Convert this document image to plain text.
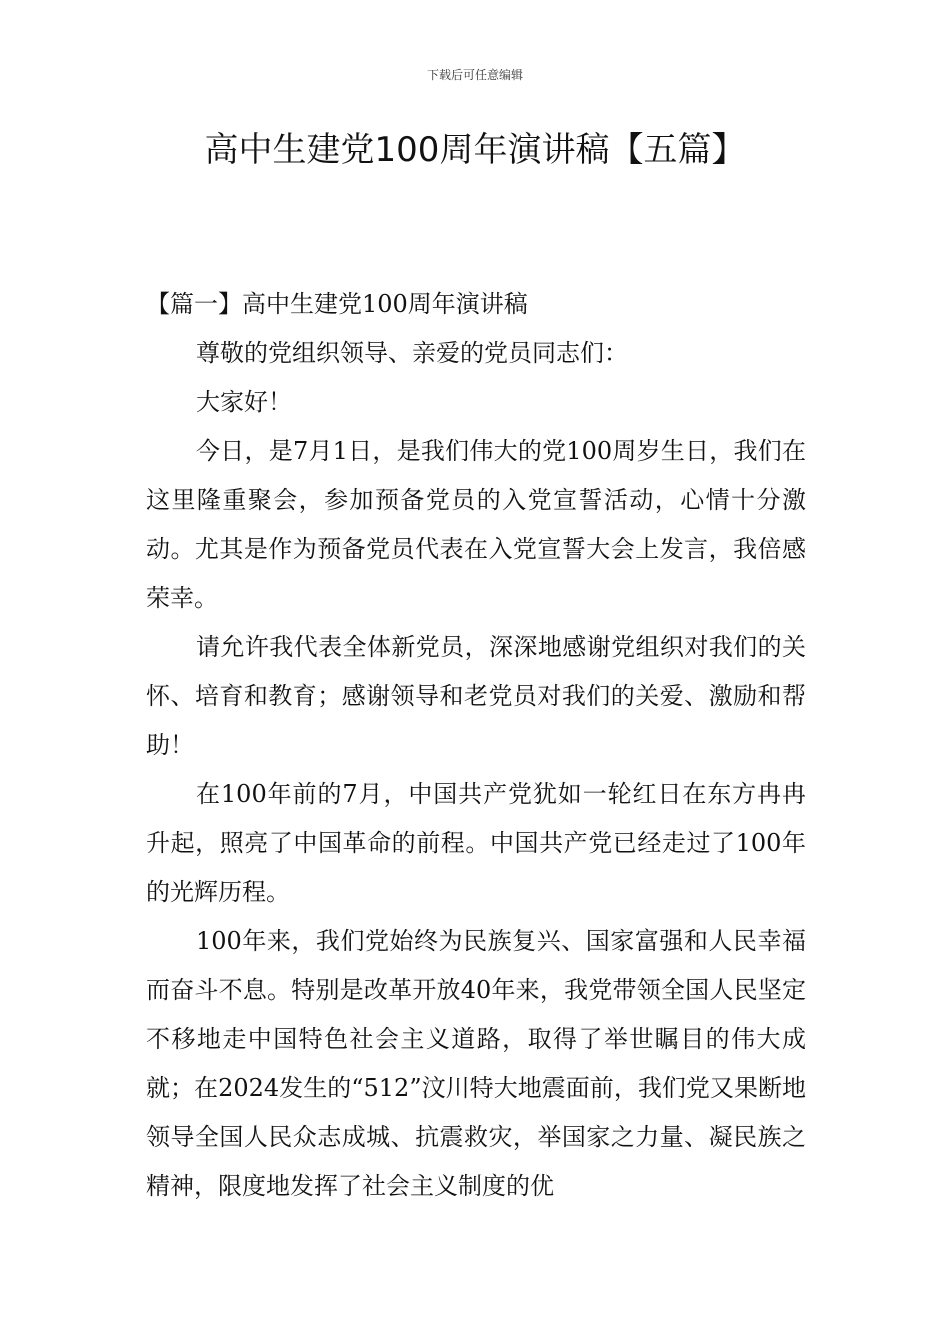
下载后可任意编辑
高中生建党100周年演讲稿【五篇】

【篇一】高中生建党100周年演讲稿

尊敬的党组织领导、亲爱的党员同志们：

大家好！

今日，是7月1日，是我们伟大的党100周岁生日，我们在这里隆重聚会，参加预备党员的入党宣誓活动，心情十分激动。尤其是作为预备党员代表在入党宣誓大会上发言，我倍感荣幸。

请允许我代表全体新党员，深深地感谢党组织对我们的关怀、培育和教育；感谢领导和老党员对我们的关爱、激励和帮助！

在100年前的7月，中国共产党犹如一轮红日在东方冉冉升起，照亮了中国革命的前程。中国共产党已经走过了100年的光辉历程。

100年来，我们党始终为民族复兴、国家富强和人民幸福而奋斗不息。特别是改革开放40年来，我党带领全国人民坚定不移地走中国特色社会主义道路，取得了举世瞩目的伟大成就；在2024发生的“512”汶川特大地震面前，我们党又果断地领导全国人民众志成城、抗震救灾，举国家之力量、凝民族之精神，限度地发挥了社会主义制度的优
